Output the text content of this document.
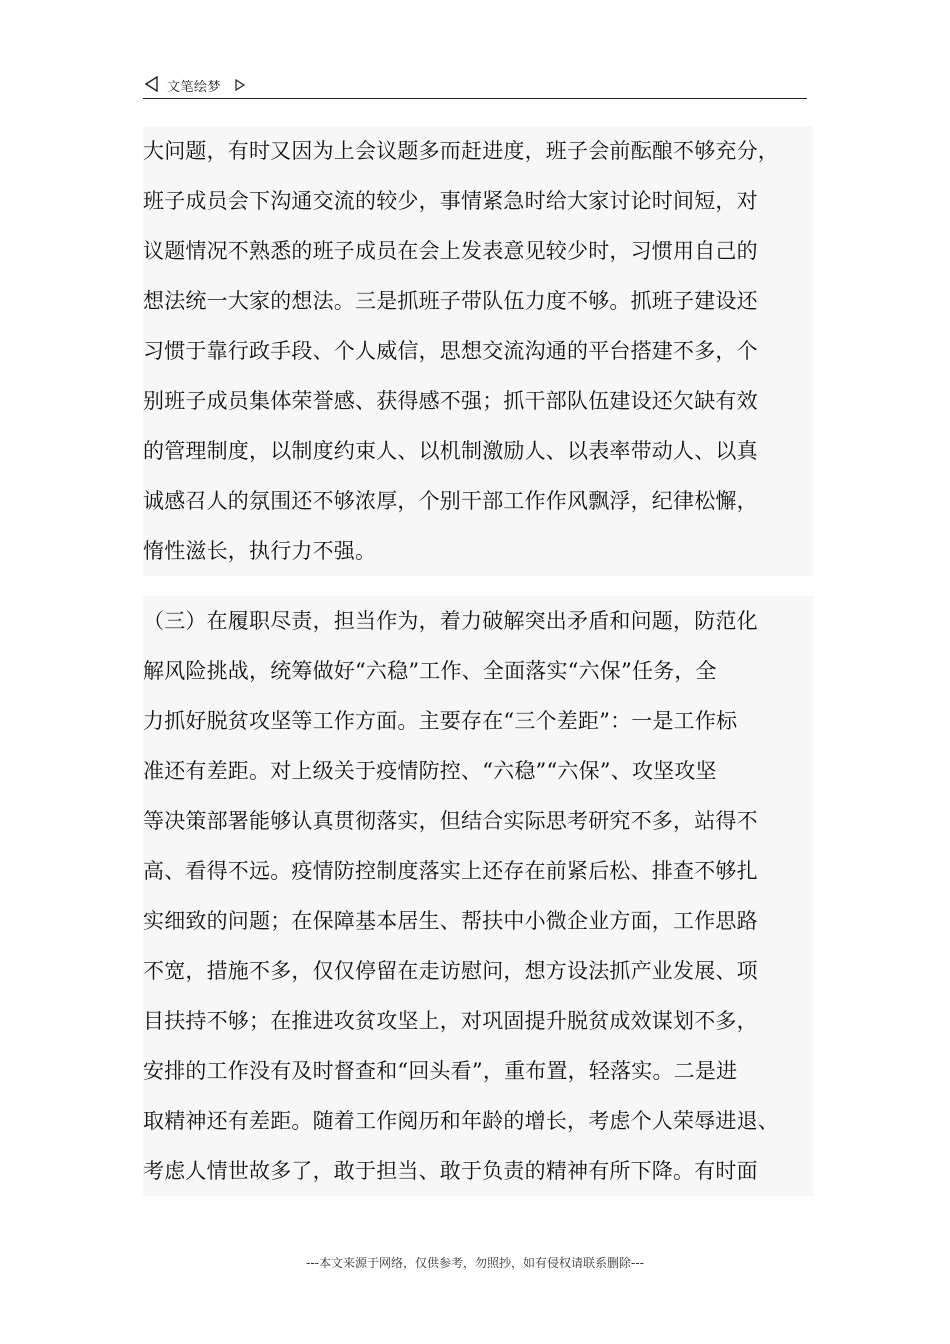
文笔绘梦
大问题，有时又因为上会议题多而赶进度，班子会前酝酿不够充分，
班子成员会下沟通交流的较少，事情紧急时给大家讨论时间短，对
议题情况不熟悉的班子成员在会上发表意见较少时，习惯用自己的
想法统一大家的想法。三是抓班子带队伍力度不够。抓班子建设还
习惯于靠行政手段、个人威信，思想交流沟通的平台搭建不多，个
别班子成员集体荣誉感、获得感不强；抓干部队伍建设还欠缺有效
的管理制度，以制度约束人、以机制激励人、以表率带动人、以真
诚感召人的氛围还不够浓厚，个别干部工作作风飘浮，纪律松懈，
惰性滋长，执行力不强。
（三）在履职尽责，担当作为，着力破解突出矛盾和问题，防范化
解风险挑战，统筹做好“六稳”工作、全面落实“六保”任务，全
力抓好脱贫攻坚等工作方面。主要存在“三个差距”：一是工作标
准还有差距。对上级关于疫情防控、“六稳”“六保”、攻坚攻坚
等决策部署能够认真贯彻落实，但结合实际思考研究不多，站得不
高、看得不远。疫情防控制度落实上还存在前紧后松、排查不够扎
实细致的问题；在保障基本居生、帮扶中小微企业方面，工作思路
不宽，措施不多，仅仅停留在走访慰问，想方设法抓产业发展、项
目扶持不够；在推进攻贫攻坚上，对巩固提升脱贫成效谋划不多，
安排的工作没有及时督查和“回头看”，重布置，轻落实。二是进
取精神还有差距。随着工作阅历和年龄的增长，考虑个人荣辱进退、
考虑人情世故多了，敢于担当、敢于负责的精神有所下降。有时面
---本文来源于网络，仅供参考，勿照抄，如有侵权请联系删除---
